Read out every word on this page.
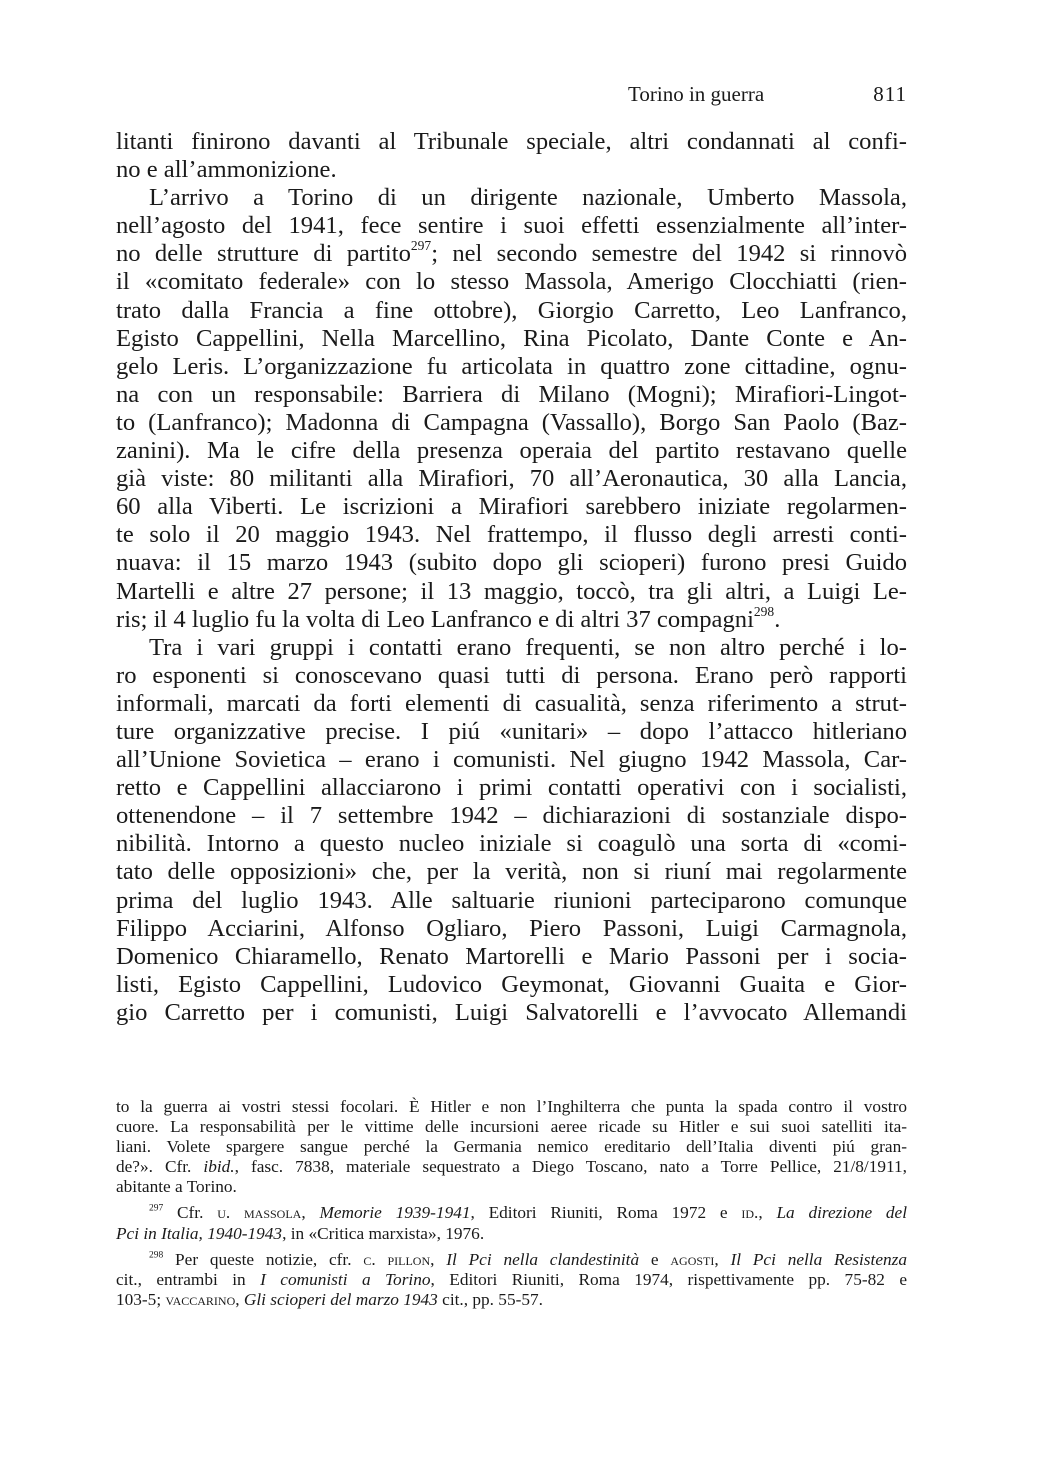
Torino in guerra	811
litanti finirono davanti al Tribunale speciale, altri condannati al confi-
no e all’ammonizione.
L’arrivo a Torino di un dirigente nazionale, Umberto Massola,
nell’agosto del 1941, fece sentire i suoi effetti essenzialmente all’inter-
no delle strutture di partito$^{297}$; nel secondo semestre del 1942 si rinnovò
il «comitato federale» con lo stesso Massola, Amerigo Clocchiatti (rien-
trato dalla Francia a fine ottobre), Giorgio Carretto, Leo Lanfranco,
Egisto Cappellini, Nella Marcellino, Rina Picolato, Dante Conte e An-
gelo Leris. L’organizzazione fu articolata in quattro zone cittadine, ognu-
na con un responsabile: Barriera di Milano (Mogni); Mirafiori-Lingot-
to (Lanfranco); Madonna di Campagna (Vassallo), Borgo San Paolo (Baz-
zanini). Ma le cifre della presenza operaia del partito restavano quelle
già viste: 80 militanti alla Mirafiori, 70 all’Aeronautica, 30 alla Lancia,
60 alla Viberti. Le iscrizioni a Mirafiori sarebbero iniziate regolarmen-
te solo il 20 maggio 1943. Nel frattempo, il flusso degli arresti conti-
nuava: il 15 marzo 1943 (subito dopo gli scioperi) furono presi Guido
Martelli e altre 27 persone; il 13 maggio, toccò, tra gli altri, a Luigi Le-
ris; il 4 luglio fu la volta di Leo Lanfranco e di altri 37 compagni$^{298}$.
Tra i vari gruppi i contatti erano frequenti, se non altro perché i lo-
ro esponenti si conoscevano quasi tutti di persona. Erano però rapporti
informali, marcati da forti elementi di casualità, senza riferimento a strut-
ture organizzative precise. I piú «unitari» – dopo l’attacco hitleriano
all’Unione Sovietica – erano i comunisti. Nel giugno 1942 Massola, Car-
retto e Cappellini allacciarono i primi contatti operativi con i socialisti,
ottenendone – il 7 settembre 1942 – dichiarazioni di sostanziale dispo-
nibilità. Intorno a questo nucleo iniziale si coagulò una sorta di «comi-
tato delle opposizioni» che, per la verità, non si riuní mai regolarmente
prima del luglio 1943. Alle saltuarie riunioni parteciparono comunque
Filippo Acciarini, Alfonso Ogliaro, Piero Passoni, Luigi Carmagnola,
Domenico Chiaramello, Renato Martorelli e Mario Passoni per i socia-
listi, Egisto Cappellini, Ludovico Geymonat, Giovanni Guaita e Gior-
gio Carretto per i comunisti, Luigi Salvatorelli e l’avvocato Allemandi
to la guerra ai vostri stessi focolari. È Hitler e non l’Inghilterra che punta la spada contro il vostro
cuore. La responsabilità per le vittime delle incursioni aeree ricade su Hitler e sui suoi satelliti ita-
liani. Volete spargere sangue perché la Germania nemico ereditario dell’Italia diventi piú gran-
de?». Cfr. ibid., fasc. 7838, materiale sequestrato a Diego Toscano, nato a Torre Pellice, 21/8/1911,
abitante a Torino.
$^{297}$ Cfr. u. massola, Memorie 1939-1941, Editori Riuniti, Roma 1972 e id., La direzione del
Pci in Italia, 1940-1943, in «Critica marxista», 1976.
$^{298}$ Per queste notizie, cfr. c. pillon, Il Pci nella clandestinità e agosti, Il Pci nella Resistenza
cit., entrambi in I comunisti a Torino, Editori Riuniti, Roma 1974, rispettivamente pp. 75-82 e
103-5; vaccarino, Gli scioperi del marzo 1943 cit., pp. 55-57.
